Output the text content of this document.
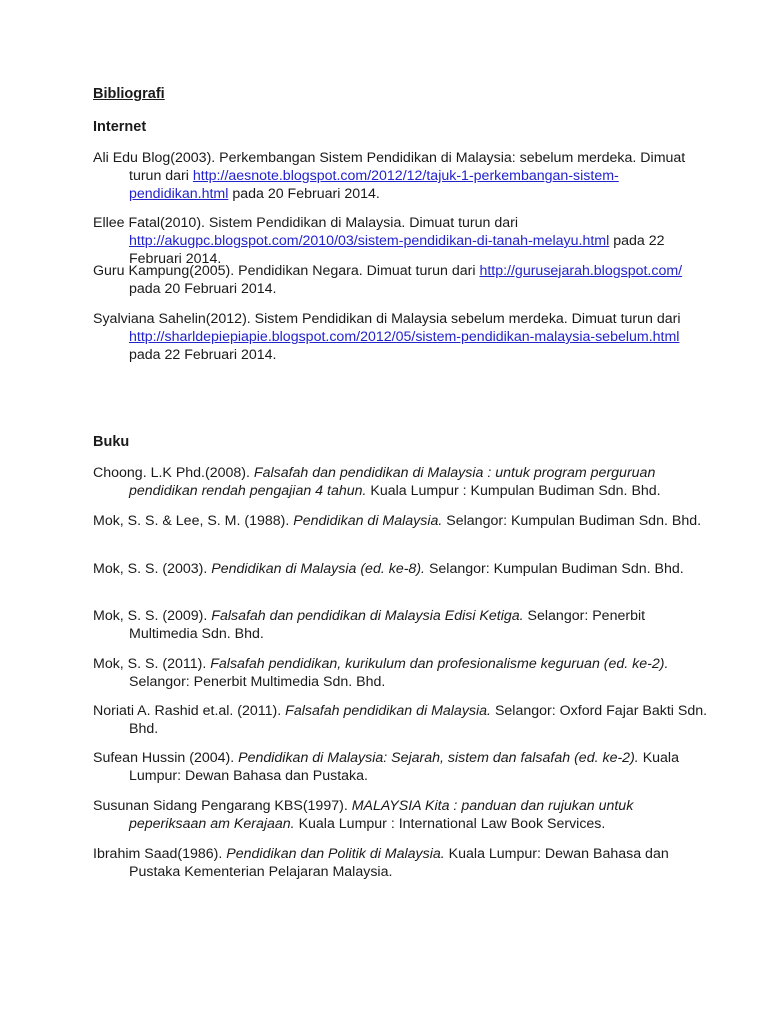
Bibliografi

Internet

Ali Edu Blog(2003). Perkembangan Sistem Pendidikan di Malaysia: sebelum merdeka. Dimuat turun dari http://aesnote.blogspot.com/2012/12/tajuk-1-perkembangan-sistem-pendidikan.html pada 20 Februari 2014.

Ellee Fatal(2010). Sistem Pendidikan di Malaysia. Dimuat turun dari http://akugpc.blogspot.com/2010/03/sistem-pendidikan-di-tanah-melayu.html pada 22 Februari 2014.

Guru Kampung(2005). Pendidikan Negara. Dimuat turun dari http://gurusejarah.blogspot.com/ pada 20 Februari 2014.

Syalviana Sahelin(2012). Sistem Pendidikan di Malaysia sebelum merdeka. Dimuat turun dari http://sharldepiepiapie.blogspot.com/2012/05/sistem-pendidikan-malaysia-sebelum.html pada 22 Februari 2014.

Buku

Choong. L.K Phd.(2008). Falsafah dan pendidikan di Malaysia : untuk program perguruan pendidikan rendah pengajian 4 tahun. Kuala Lumpur : Kumpulan Budiman Sdn. Bhd.

Mok, S. S. & Lee, S. M. (1988). Pendidikan di Malaysia. Selangor: Kumpulan Budiman Sdn. Bhd.

Mok, S. S. (2003). Pendidikan di Malaysia (ed. ke-8). Selangor: Kumpulan Budiman Sdn. Bhd.

Mok, S. S. (2009). Falsafah dan pendidikan di Malaysia Edisi Ketiga. Selangor: Penerbit Multimedia Sdn. Bhd.

Mok, S. S. (2011). Falsafah pendidikan, kurikulum dan profesionalisme keguruan (ed. ke-2). Selangor: Penerbit Multimedia Sdn. Bhd.

Noriati A. Rashid et.al. (2011). Falsafah pendidikan di Malaysia. Selangor: Oxford Fajar Bakti Sdn. Bhd.

Sufean Hussin (2004). Pendidikan di Malaysia: Sejarah, sistem dan falsafah (ed. ke-2). Kuala Lumpur: Dewan Bahasa dan Pustaka.

Susunan Sidang Pengarang KBS(1997). MALAYSIA Kita : panduan dan rujukan untuk peperiksaan am Kerajaan. Kuala Lumpur : International Law Book Services.

Ibrahim Saad(1986). Pendidikan dan Politik di Malaysia. Kuala Lumpur: Dewan Bahasa dan Pustaka Kementerian Pelajaran Malaysia.
